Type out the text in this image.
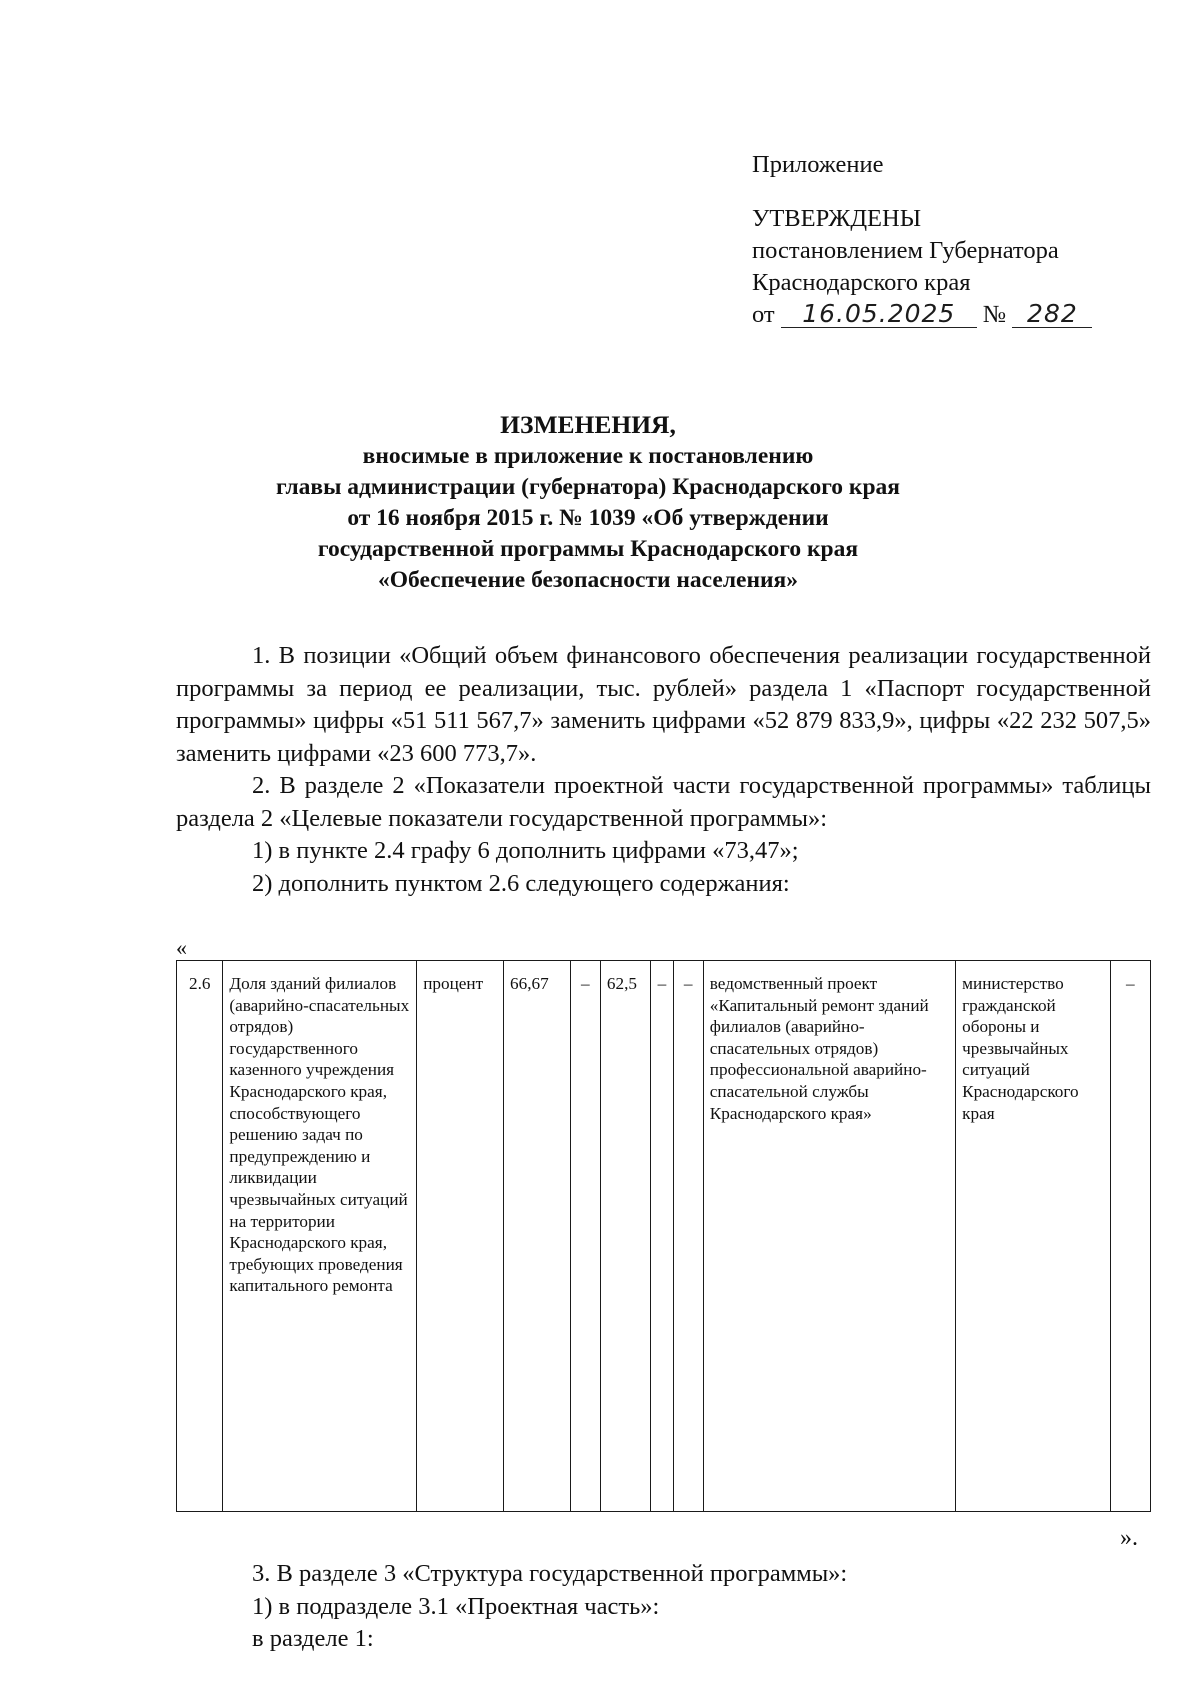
Приложение
УТВЕРЖДЕНЫ
постановлением Губернатора
Краснодарского края
от 16.05.2025 № 282
ИЗМЕНЕНИЯ,
вносимые в приложение к постановлению
главы администрации (губернатора) Краснодарского края
от 16 ноября 2015 г. № 1039 «Об утверждении
государственной программы Краснодарского края
«Обеспечение безопасности населения»

1. В позиции «Общий объем финансового обеспечения реализации государственной программы за период ее реализации, тыс. рублей» раздела 1 «Паспорт государственной программы» цифры «51 511 567,7» заменить цифрами «52 879 833,9», цифры «22 232 507,5» заменить цифрами «23 600 773,7».

2. В разделе 2 «Показатели проектной части государственной программы» таблицы раздела 2 «Целевые показатели государственной программы»:

1) в пункте 2.4 графу 6 дополнить цифрами «73,47»;

2) дополнить пунктом 2.6 следующего содержания:

«
2.6	Доля зданий филиалов (аварийно-спасательных отрядов) государственного казенного учреждения Краснодарского края, способствующего решению задач по предупреждению и ликвидации чрезвычайных ситуаций на территории Краснодарского края, требующих проведения капитального ремонта	процент	66,67	–	62,5	–	–	ведомственный проект «Капитальный ремонт зданий филиалов (аварийно-спасательных отрядов) профессиональной аварийно-спасательной службы Краснодарского края»	министерство гражданской обороны и чрезвычайных ситуаций Краснодарского края	–
».
3. В разделе 3 «Структура государственной программы»:
1) в подразделе 3.1 «Проектная часть»:
в разделе 1:
